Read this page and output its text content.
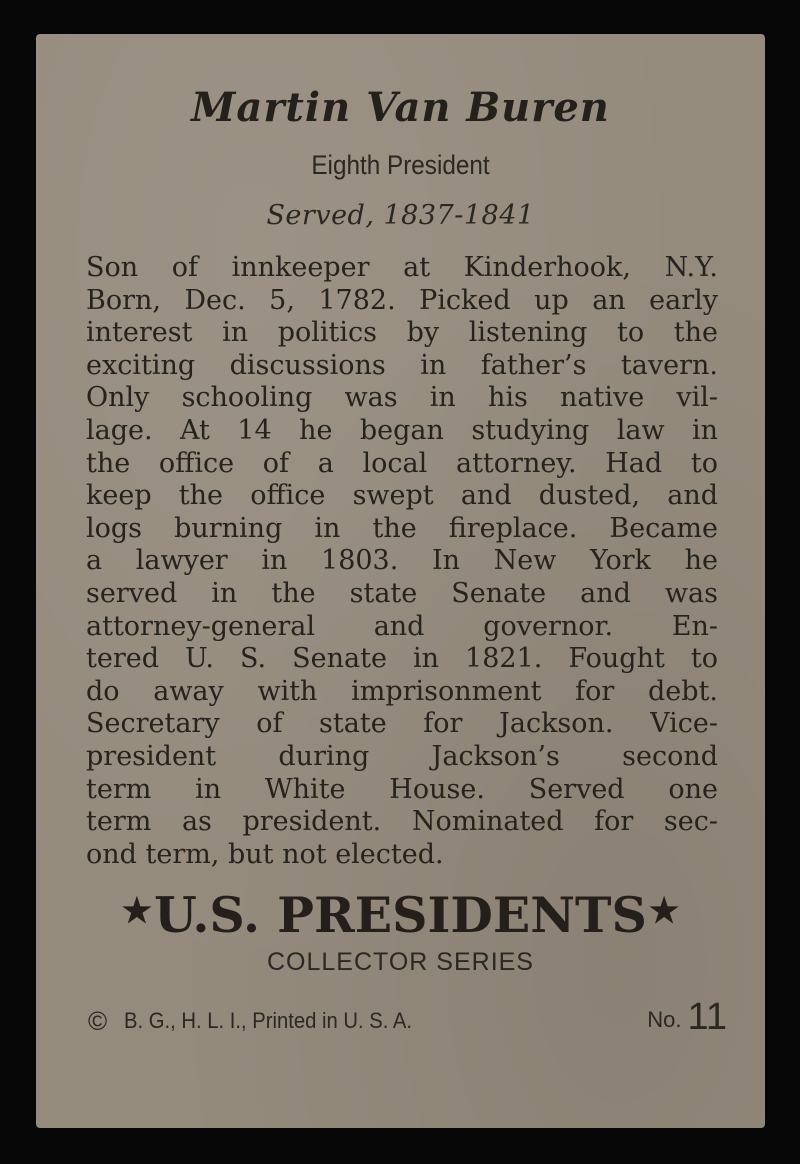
Martin Van Buren
Eighth President
Served, 1837-1841
Son of innkeeper at Kinderhook, N.Y.
Born, Dec. 5, 1782. Picked up an early
interest in politics by listening to the
exciting discussions in father’s tavern.
Only schooling was in his native vil-
lage. At 14 he began studying law in
the office of a local attorney. Had to
keep the office swept and dusted, and
logs burning in the fireplace. Became
a lawyer in 1803. In New York he
served in the state Senate and was
attorney-general and governor. En-
tered U. S. Senate in 1821. Fought to
do away with imprisonment for debt.
Secretary of state for Jackson. Vice-
president during Jackson’s second
term in White House. Served one
term as president. Nominated for sec-
ond term, but not elected.
★U.S. PRESIDENTS★
COLLECTOR SERIES
© B. G., H. L. I., Printed in U. S. A.	No. 11
